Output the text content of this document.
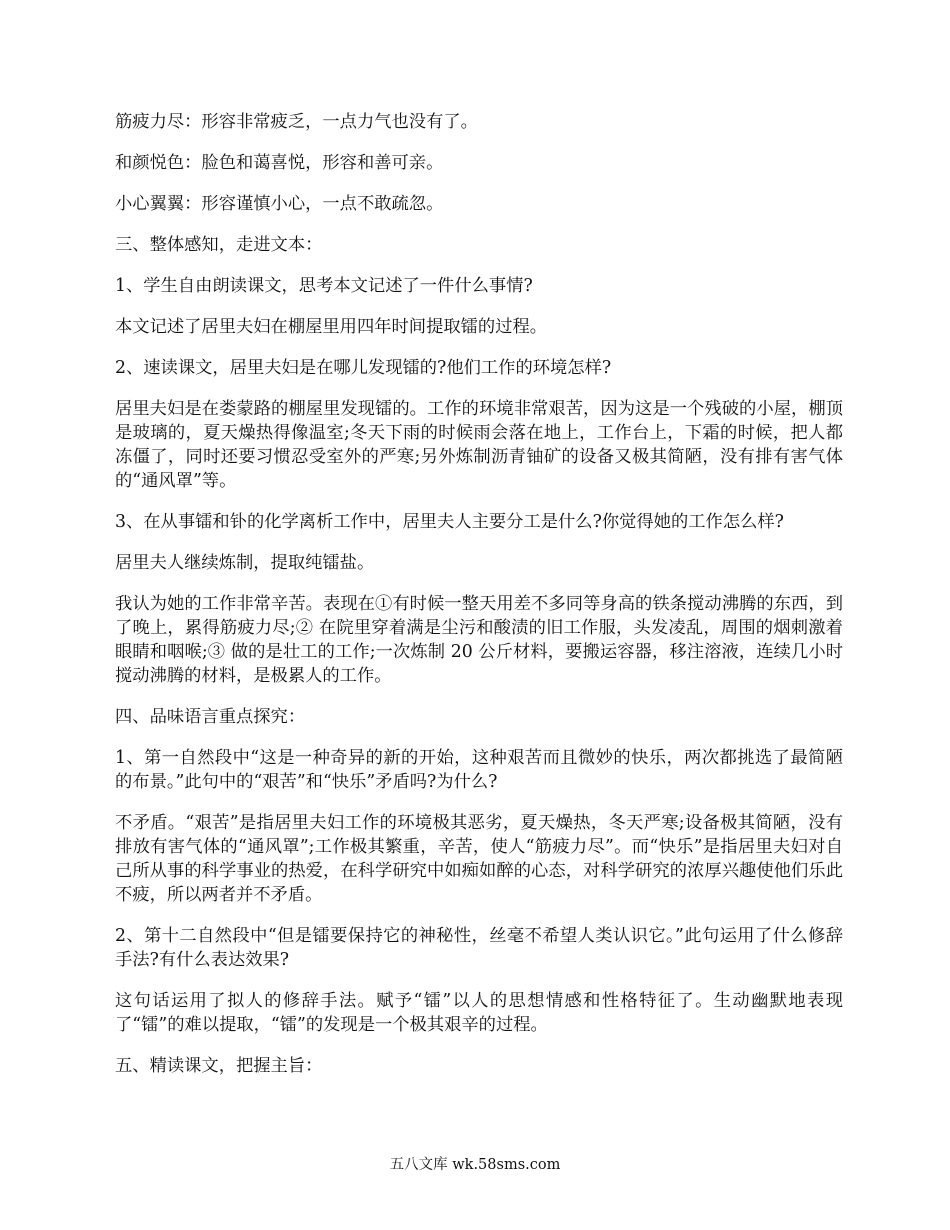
筋疲力尽：形容非常疲乏，一点力气也没有了。

和颜悦色：脸色和蔼喜悦，形容和善可亲。

小心翼翼：形容谨慎小心，一点不敢疏忽。

三、整体感知，走进文本：

1、学生自由朗读课文，思考本文记述了一件什么事情?

本文记述了居里夫妇在棚屋里用四年时间提取镭的过程。

2、速读课文，居里夫妇是在哪儿发现镭的?他们工作的环境怎样?

居里夫妇是在娄蒙路的棚屋里发现镭的。工作的环境非常艰苦，因为这是一个残破的小屋，棚顶是玻璃的，夏天燥热得像温室;冬天下雨的时候雨会落在地上，工作台上，下霜的时候，把人都冻僵了，同时还要习惯忍受室外的严寒;另外炼制沥青铀矿的设备又极其简陋，没有排有害气体的“通风罩”等。

3、在从事镭和钋的化学离析工作中，居里夫人主要分工是什么?你觉得她的工作怎么样?

居里夫人继续炼制，提取纯镭盐。

我认为她的工作非常辛苦。表现在①有时候一整天用差不多同等身高的铁条搅动沸腾的东西，到了晚上，累得筋疲力尽;② 在院里穿着满是尘污和酸渍的旧工作服，头发凌乱，周围的烟刺激着眼睛和咽喉;③ 做的是壮工的工作;一次炼制 20 公斤材料，要搬运容器，移注溶液，连续几小时搅动沸腾的材料，是极累人的工作。

四、品味语言重点探究：

1、第一自然段中“这是一种奇异的新的开始，这种艰苦而且微妙的快乐，两次都挑选了最简陋的布景。”此句中的“艰苦”和“快乐”矛盾吗?为什么?

不矛盾。“艰苦”是指居里夫妇工作的环境极其恶劣，夏天燥热，冬天严寒;设备极其简陋，没有排放有害气体的“通风罩”;工作极其繁重，辛苦，使人“筋疲力尽”。而“快乐”是指居里夫妇对自己所从事的科学事业的热爱，在科学研究中如痴如醉的心态，对科学研究的浓厚兴趣使他们乐此不疲，所以两者并不矛盾。

2、第十二自然段中“但是镭要保持它的神秘性，丝毫不希望人类认识它。”此句运用了什么修辞手法?有什么表达效果?

这句话运用了拟人的修辞手法。赋予“镭”以人的思想情感和性格特征了。生动幽默地表现了“镭”的难以提取，“镭”的发现是一个极其艰辛的过程。

五、精读课文，把握主旨：

五八文库 wk.58sms.com
